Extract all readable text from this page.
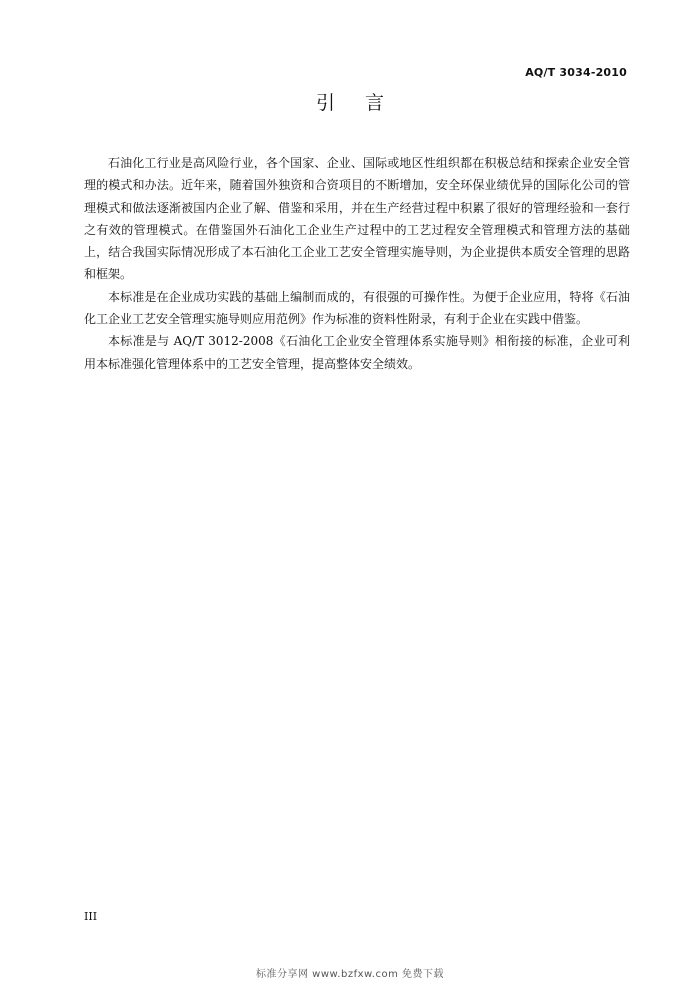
AQ/T 3034-2010
引 言

石油化工行业是高风险行业，各个国家、企业、国际或地区性组织都在积极总结和探索企业安全管理的模式和办法。近年来，随着国外独资和合资项目的不断增加，安全环保业绩优异的国际化公司的管理模式和做法逐渐被国内企业了解、借鉴和采用，并在生产经营过程中积累了很好的管理经验和一套行之有效的管理模式。在借鉴国外石油化工企业生产过程中的工艺过程安全管理模式和管理方法的基础上，结合我国实际情况形成了本石油化工企业工艺安全管理实施导则，为企业提供本质安全管理的思路和框架。

本标准是在企业成功实践的基础上编制而成的，有很强的可操作性。为便于企业应用，特将《石油化工企业工艺安全管理实施导则应用范例》作为标准的资料性附录，有利于企业在实践中借鉴。

本标准是与 AQ/T 3012-2008《石油化工企业安全管理体系实施导则》相衔接的标准，企业可利用本标准强化管理体系中的工艺安全管理，提高整体安全绩效。

III
标准分享网 www.bzfxw.com 免费下载
